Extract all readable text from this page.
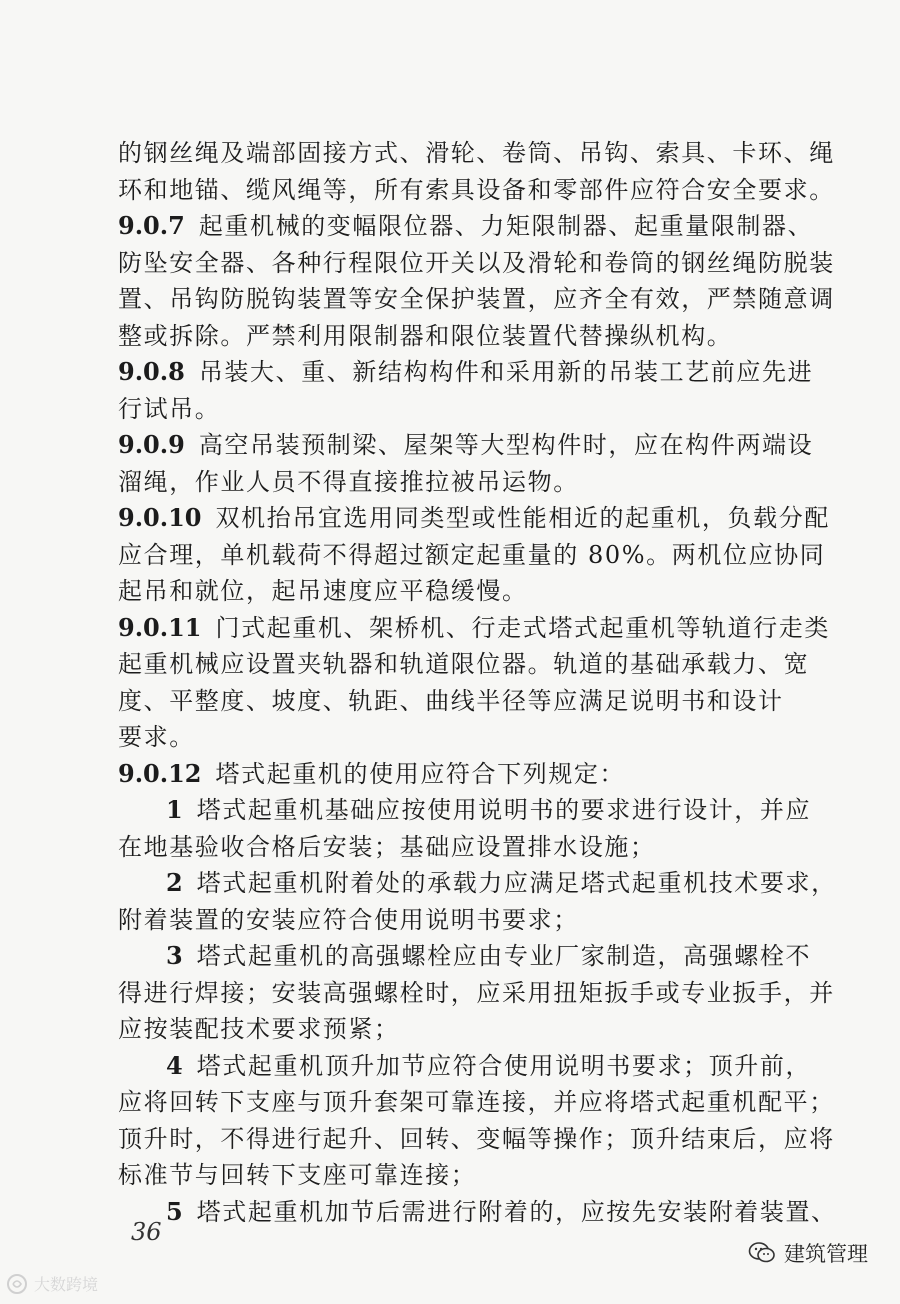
的钢丝绳及端部固接方式、滑轮、卷筒、吊钩、索具、卡环、绳
环和地锚、缆风绳等，所有索具设备和零部件应符合安全要求。
9.0.7 起重机械的变幅限位器、力矩限制器、起重量限制器、
防坠安全器、各种行程限位开关以及滑轮和卷筒的钢丝绳防脱装
置、吊钩防脱钩装置等安全保护装置，应齐全有效，严禁随意调
整或拆除。严禁利用限制器和限位装置代替操纵机构。
9.0.8 吊装大、重、新结构构件和采用新的吊装工艺前应先进
行试吊。
9.0.9 高空吊装预制梁、屋架等大型构件时，应在构件两端设
溜绳，作业人员不得直接推拉被吊运物。
9.0.10 双机抬吊宜选用同类型或性能相近的起重机，负载分配
应合理，单机载荷不得超过额定起重量的 80%。两机位应协同
起吊和就位，起吊速度应平稳缓慢。
9.0.11 门式起重机、架桥机、行走式塔式起重机等轨道行走类
起重机械应设置夹轨器和轨道限位器。轨道的基础承载力、宽
度、平整度、坡度、轨距、曲线半径等应满足说明书和设计
要求。
9.0.12 塔式起重机的使用应符合下列规定：
1 塔式起重机基础应按使用说明书的要求进行设计，并应
在地基验收合格后安装；基础应设置排水设施；
2 塔式起重机附着处的承载力应满足塔式起重机技术要求，
附着装置的安装应符合使用说明书要求；
3 塔式起重机的高强螺栓应由专业厂家制造，高强螺栓不
得进行焊接；安装高强螺栓时，应采用扭矩扳手或专业扳手，并
应按装配技术要求预紧；
4 塔式起重机顶升加节应符合使用说明书要求；顶升前，
应将回转下支座与顶升套架可靠连接，并应将塔式起重机配平；
顶升时，不得进行起升、回转、变幅等操作；顶升结束后，应将
标准节与回转下支座可靠连接；
5 塔式起重机加节后需进行附着的，应按先安装附着装置、
36
建筑管理
大数跨境
